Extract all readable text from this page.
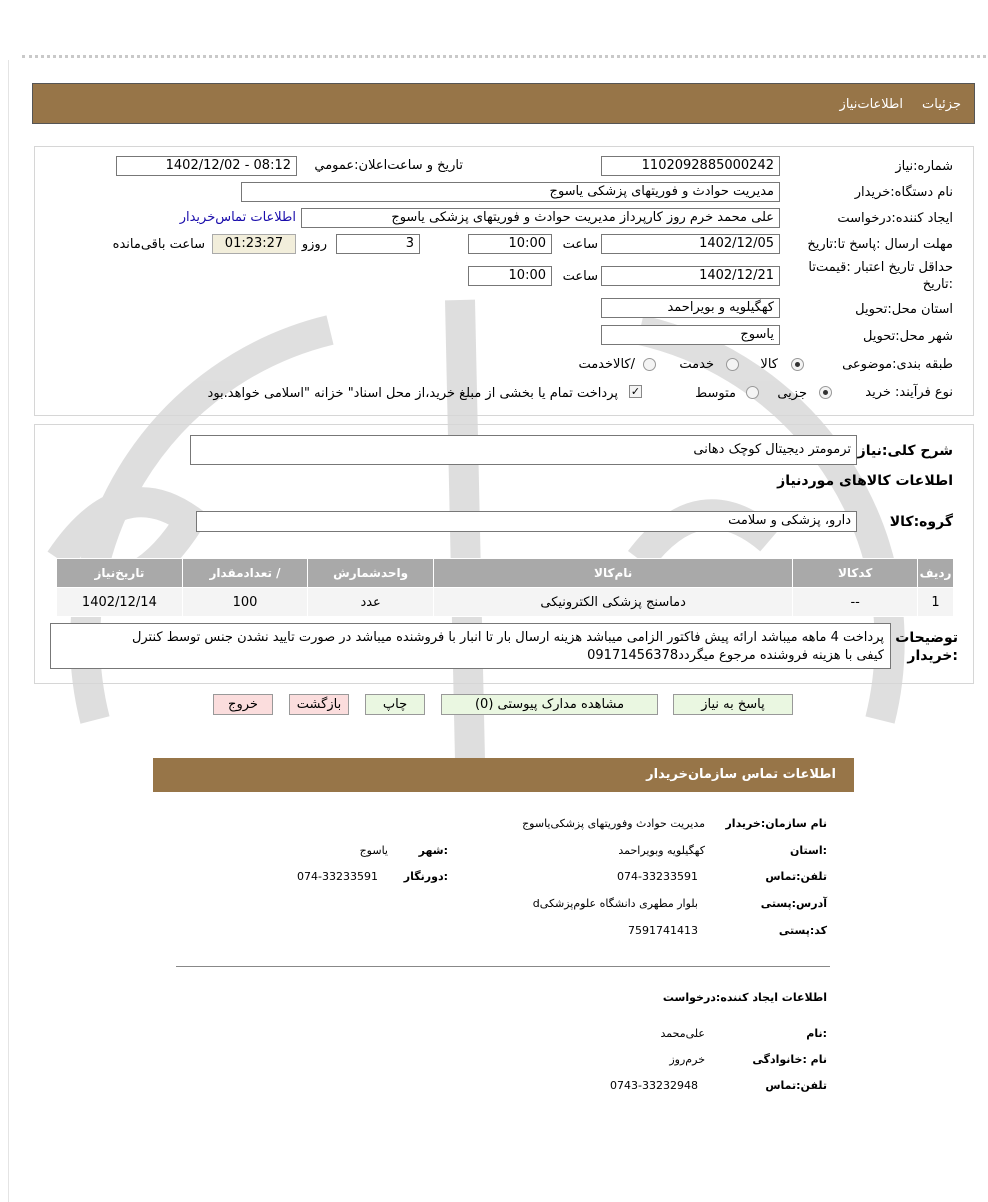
جزئیات
اطلاعات‌نیاز
شماره:نیاز
1102092885000242
تاریخ و ساعت‌اعلان:عمومي
1402/12/02 - 08:12
نام دستگاه:خریدار
مدیریت حوادث و فوریتهای پزشکی یاسوج
ایجاد کننده:درخواست
علی محمد خرم روز کارپرداز مدیریت حوادث و فوریتهای پزشکی یاسوج
اطلاعات تماس‌خریدار
مهلت ارسال :پاسخ تا:تاریخ
1402/12/05
ساعت
10:00
3
روزو
01:23:27
ساعت باقی‌مانده
حداقل تاریخ اعتبار :قیمت‌تا
:تاریخ
1402/12/21
ساعت
10:00
استان محل:تحویل
کهگیلویه و بویراحمد
شهر محل:تحویل
یاسوج
طبقه بندی:موضوعی
کالا
خدمت
/کالاخدمت
نوع فرآیند: خرید
جزیی
متوسط
✓
پرداخت تمام یا بخشی از مبلغ خرید،از محل اسناد" خزانه "اسلامی خواهد.بود
شرح کلی:نیاز
ترمومتر دیجیتال کوچک دهانی
اطلاعات کالاهای موردنیاز
گروه:کالا
دارو، پزشکی و سلامت
ردیف	کدکالا	نام‌کالا	واحدشمارش	/ تعدادمقدار	تاریخ‌نیاز
1	--	دماسنج پزشکی الکترونیکی	عدد	100	1402/12/14
توضیحات
:خریدار
پرداخت 4 ماهه میباشد ارائه پیش فاکتور الزامی میباشد هزینه ارسال بار تا انبار با فروشنده میباشد در صورت تایید نشدن جنس توسط کنترل
کیفی با هزینه فروشنده مرجوع میگردد09171456378
پاسخ به نیاز
مشاهده مدارک پیوستی (0)
چاپ
بازگشت
خروج
اطلاعات تماس سازمان‌خریدار
نام سازمان:خریدار
مدیریت حوادث وفوریتهای پزشکی‌یاسوج
:استان
کهگیلویه وبویراحمد
:شهر
یاسوج
تلفن:تماس
074-33233591
:دورنگار
074-33233591
آدرس:پستی
بلوار مطهری دانشگاه علوم‌پزشکی‌d
کد:پستی
7591741413
اطلاعات ایجاد کننده:درخواست
:نام
علی‌محمد
نام :خانوادگی
خرم‌روز
تلفن:تماس
0743-33232948
